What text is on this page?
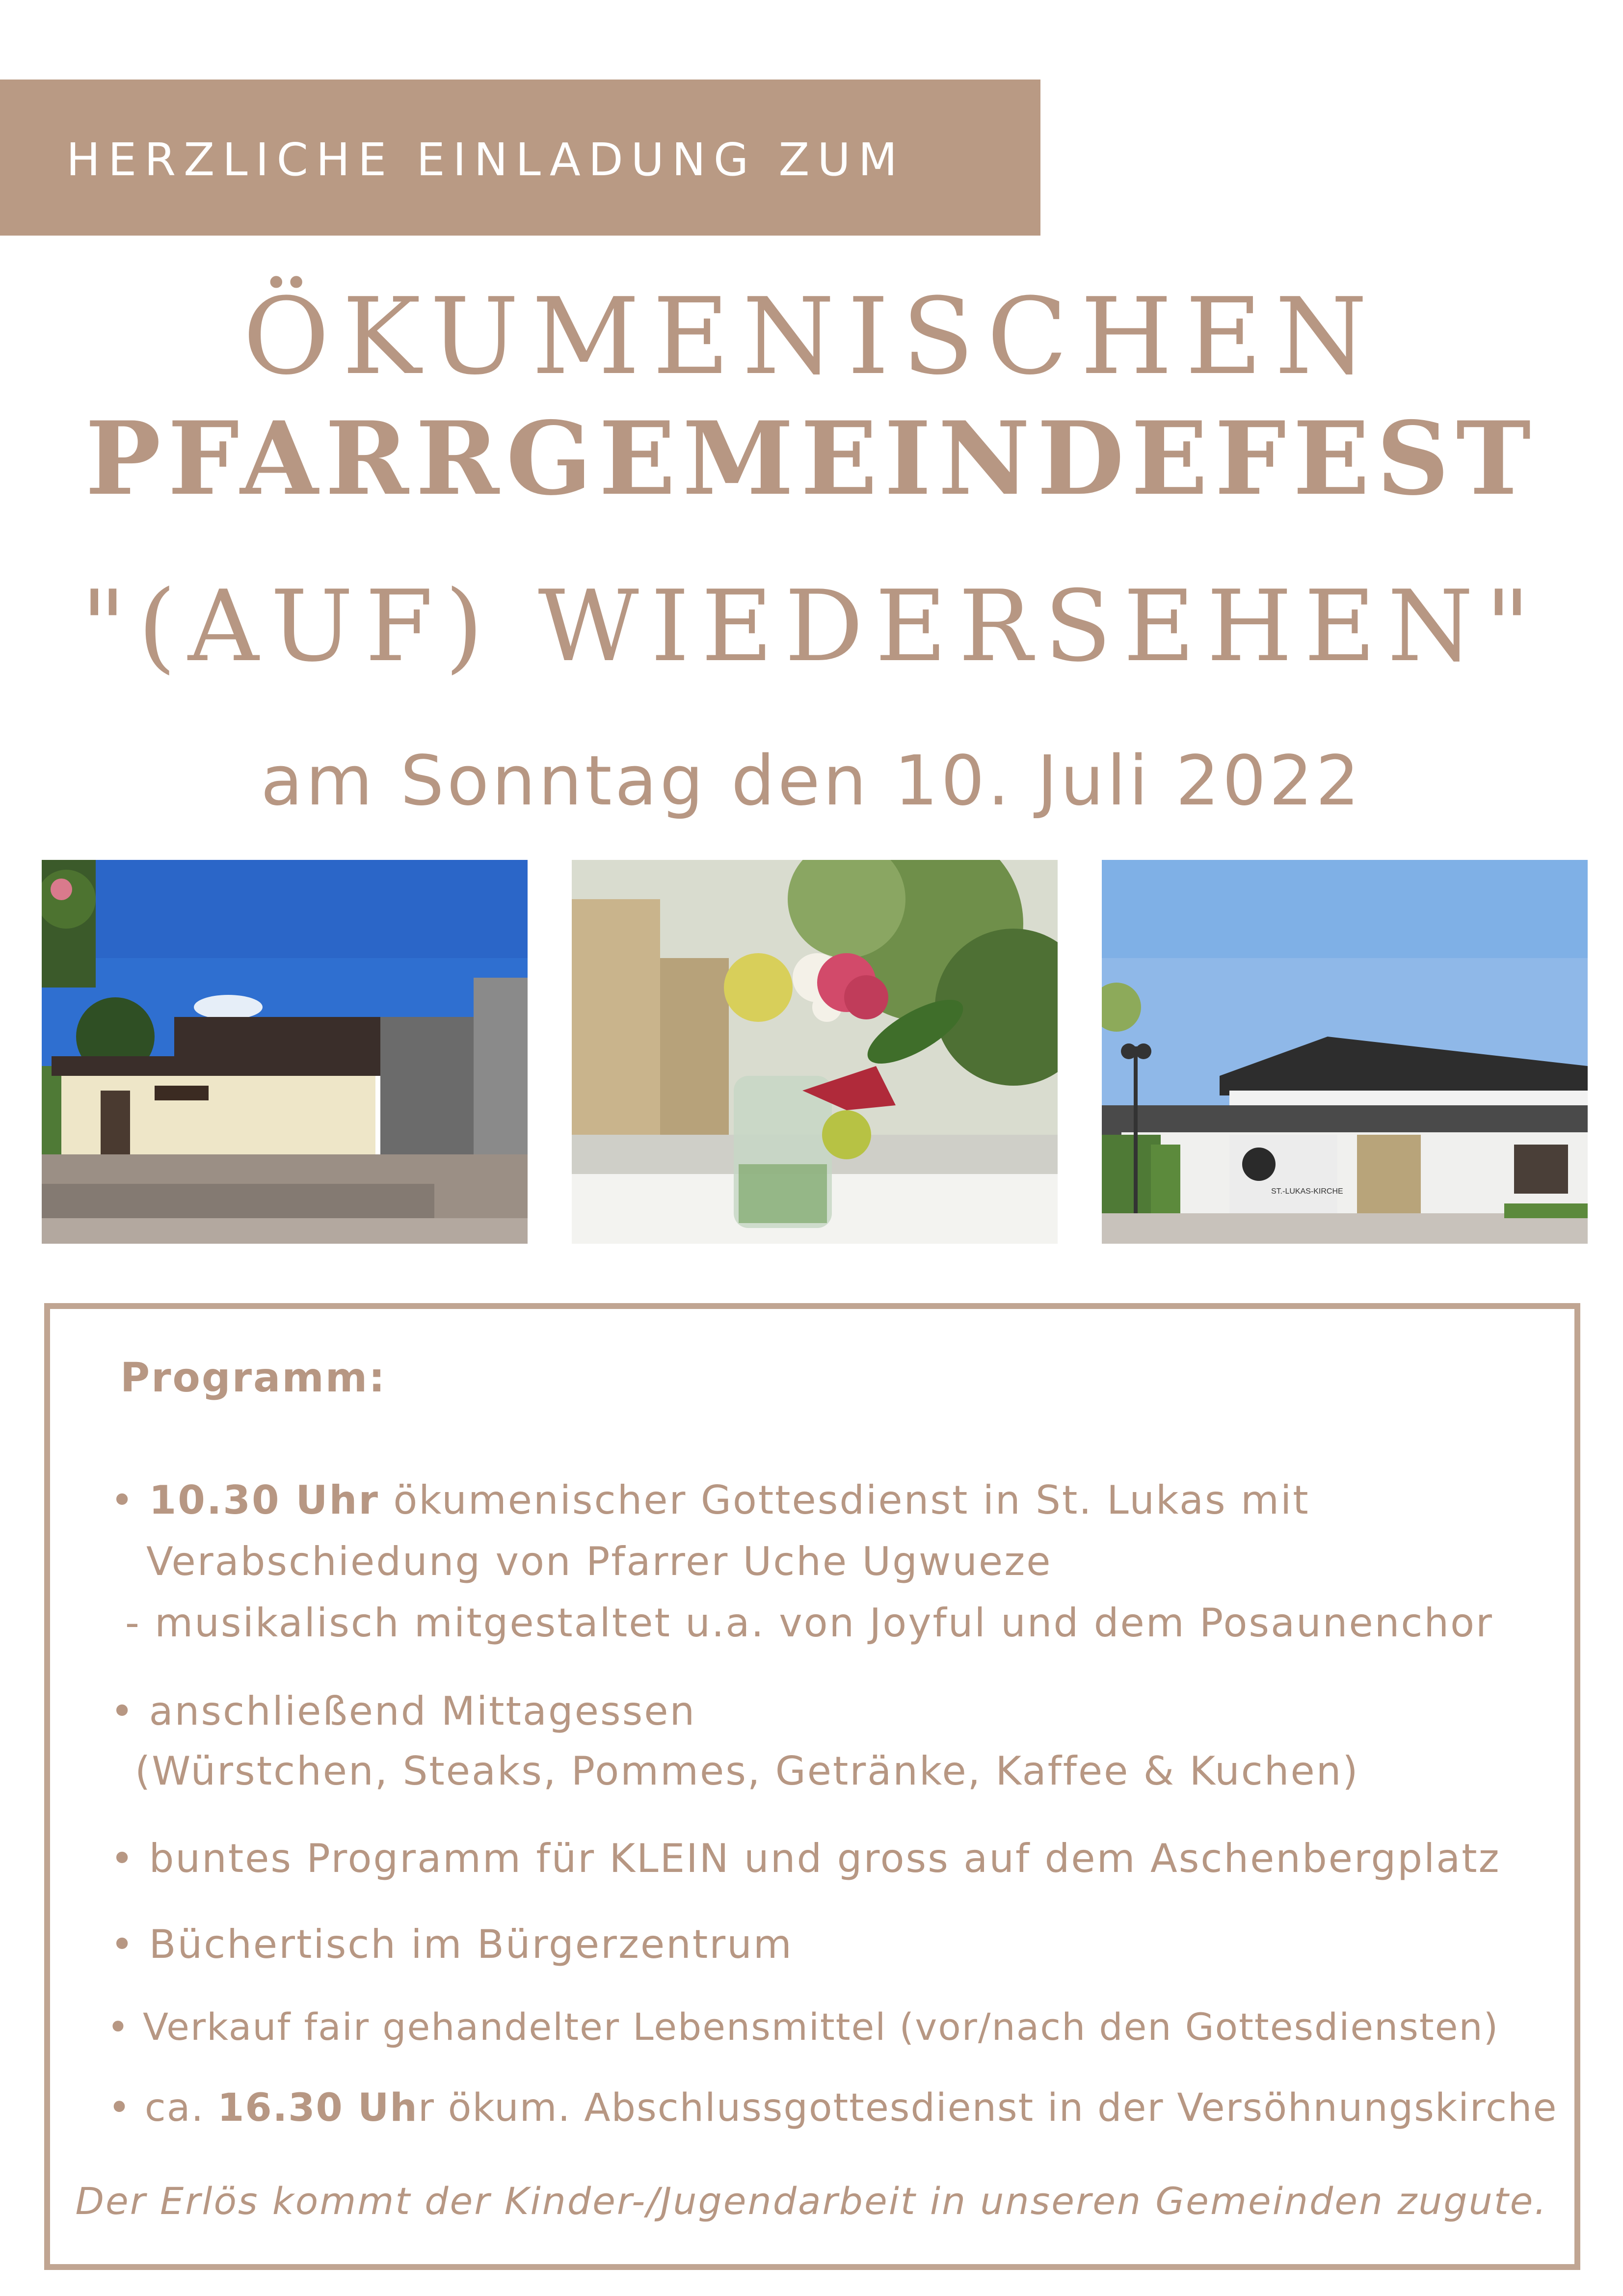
HERZLICHE EINLADUNG ZUM
ÖKUMENISCHEN
PFARRGEMEINDEFEST
"(AUF) WIEDERSEHEN"
am Sonntag den 10. Juli 2022
ST.-LUKAS-KIRCHE
Programm:
• 10.30 Uhr ökumenischer Gottesdienst in St. Lukas mit
Verabschiedung von Pfarrer Uche Ugwueze
- musikalisch mitgestaltet u.a. von Joyful und dem Posaunenchor
• anschließend Mittagessen
(Würstchen, Steaks, Pommes, Getränke, Kaffee & Kuchen)
• buntes Programm für KLEIN und gross auf dem Aschenbergplatz
• Büchertisch im Bürgerzentrum
• Verkauf fair gehandelter Lebensmittel (vor/nach den Gottesdiensten)
• ca. 16.30 Uhr ökum. Abschlussgottesdienst in der Versöhnungskirche
Der Erlös kommt der Kinder-/Jugendarbeit in unseren Gemeinden zugute.
